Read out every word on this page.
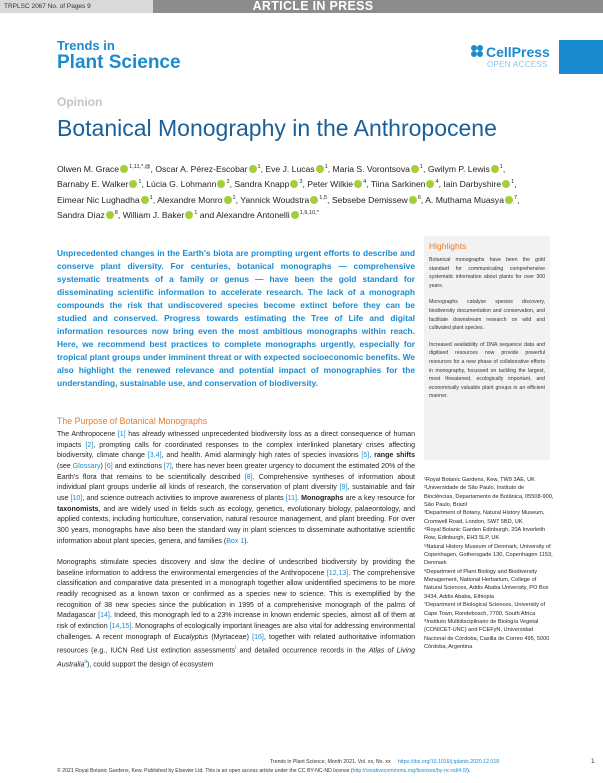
TRPLSC 2067 No. of Pages 9	ARTICLE IN PRESS
Trends in
Plant Science	CellPress
OPEN ACCESS
Opinion
Botanical Monography in the Anthropocene
Olwen M. Grace $^{1,11,*,@}$, Oscar A. Pérez-Escobar $^1$, Eve J. Lucas $^1$, Maria S. Vorontsova $^1$, Gwilym P. Lewis $^1$, Barnaby E. Walker $^1$, Lúcia G. Lohmann $^2$, Sandra Knapp $^3$, Peter Wilkie $^4$, Tiina Sarkinen $^4$, Iain Darbyshire $^1$, Eimear Nic Lughadha $^1$, Alexandre Monro $^1$, Yannick Woudstra $^{1,5}$, Sebsebe Demissew $^6$, A. Muthama Muasya $^7$, Sandra Díaz $^8$, William J. Baker $^1$ and Alexandre Antonelli $^{1,9,10,*}$
Unprecedented changes in the Earth's biota are prompting urgent efforts to describe and conserve plant diversity. For centuries, botanical monographs — comprehensive systematic treatments of a family or genus — have been the gold standard for disseminating scientific information to accelerate research. The lack of a monograph compounds the risk that undiscovered species become extinct before they can be studied and conserved. Progress towards estimating the Tree of Life and digital information resources now bring even the most ambitious monographs within reach. Here, we recommend best practices to complete monographs urgently, especially for tropical plant groups under imminent threat or with expected socioeconomic benefits. We also highlight the renewed relevance and potential impact of monographies for the understanding, sustainable use, and conservation of biodiversity.
Highlights

Botanical monographs have been the gold standard for communicating comprehensive systematic information about plants for over 300 years.

Monographs catalyse species discovery, biodiversity documentation and conservation, and facilitate downstream research on wild and cultivated plant species.

Increased availability of DNA sequence data and digitised resources now provide powerful resources for a new phase of collaborative efforts in monography, focussed on tackling the largest, most threatened, ecologically important, and economically valuable plant groups in an efficient manner.

The Purpose of Botanical Monographs
The Anthropocene [1] has already witnessed unprecedented biodiversity loss as a direct consequence of human impacts [2], prompting calls for coordinated responses to the complex interlinked planetary crises affecting biodiversity, climate change [3,4], and health. Amid alarmingly high rates of species invasions [5], range shifts (see Glossary) [6] and extinctions [7], there has never been greater urgency to document the estimated 20% of the Earth's flora that remains to be scientifically described [8]. Comprehensive syntheses of information about individual plant groups underlie all kinds of research, the conservation of plant diversity [9], sustainable and fair use [10], and science outreach activities to improve awareness of plants [11]. Monographs are a key resource for taxonomists, and are widely used in fields such as ecology, genetics, evolutionary biology, palaeontology, and applied contexts, including horticulture, conservation, natural resource management, and plant breeding. For over 300 years, monographs have also been the standard way in plant sciences to disseminate authoritative scientific information about plant species, genera, and families (Box 1).
Monographs stimulate species discovery and slow the decline of undescribed biodiversity by providing the baseline information to address the environmental emergencies of the Anthropocene [12,13]. The comprehensive classification and comparative data presented in a monograph together allow unidentified specimens to be more readily recognised as a known taxon or confirmed as a species new to science. This is exemplified by the recognition of 38 new species since the publication in 1995 of a comprehensive monograph of the palms of Madagascar [14]. Indeed, this monograph led to a 23% increase in known endemic species, almost all of them at risk of extinction [14,15]. Monographs of ecologically important lineages are also vital for addressing environmental challenges. A recent monograph of Eucalyptus (Myrtaceae) [16], together with related authoritative information resources (e.g., IUCN Red List extinction assessments$^i$ and detailed occurrence records in the Atlas of Living Australia$^{ii}$), could support the design of ecosystem

¹Royal Botanic Gardens, Kew, TW9 3AE, UK

²Universidade de São Paulo, Instituto de Biociências, Departamento de Botânica, 05508-900, São Paulo, Brazil

³Department of Botany, Natural History Museum, Cromwell Road, London, SW7 5BD, UK

⁴Royal Botanic Garden Edinburgh, 20A Inverleith Row, Edinburgh, EH3 5LP, UK

⁵Natural History Museum of Denmark, University of Copenhagen, Gothersgade 130, Copenhagen 1153, Denmark

⁶Department of Plant Biology and Biodiversity Management, National Herbarium, College of Natural Sciences, Addis Ababa University, PO Box 3434, Addis Ababa, Ethiopia

⁷Department of Biological Sciences, University of Cape Town, Rondebosch, 7700, South Africa

⁸Instituto Multidisciplinario de Biología Vegetal (CONICET-UNC) and FCEFyN, Universidad Nacional de Córdoba, Casilla de Correo 495, 5000 Córdoba, Argentina

Trends in Plant Science, Month 2021, Vol. xx, No. xx https://doi.org/10.1016/j.tplants.2020.12.018	1
© 2021 Royal Botanic Gardens, Kew. Published by Elsevier Ltd. This is an open access article under the CC BY-NC-ND license (http://creativecommons.org/licenses/by-nc-nd/4.0/).
